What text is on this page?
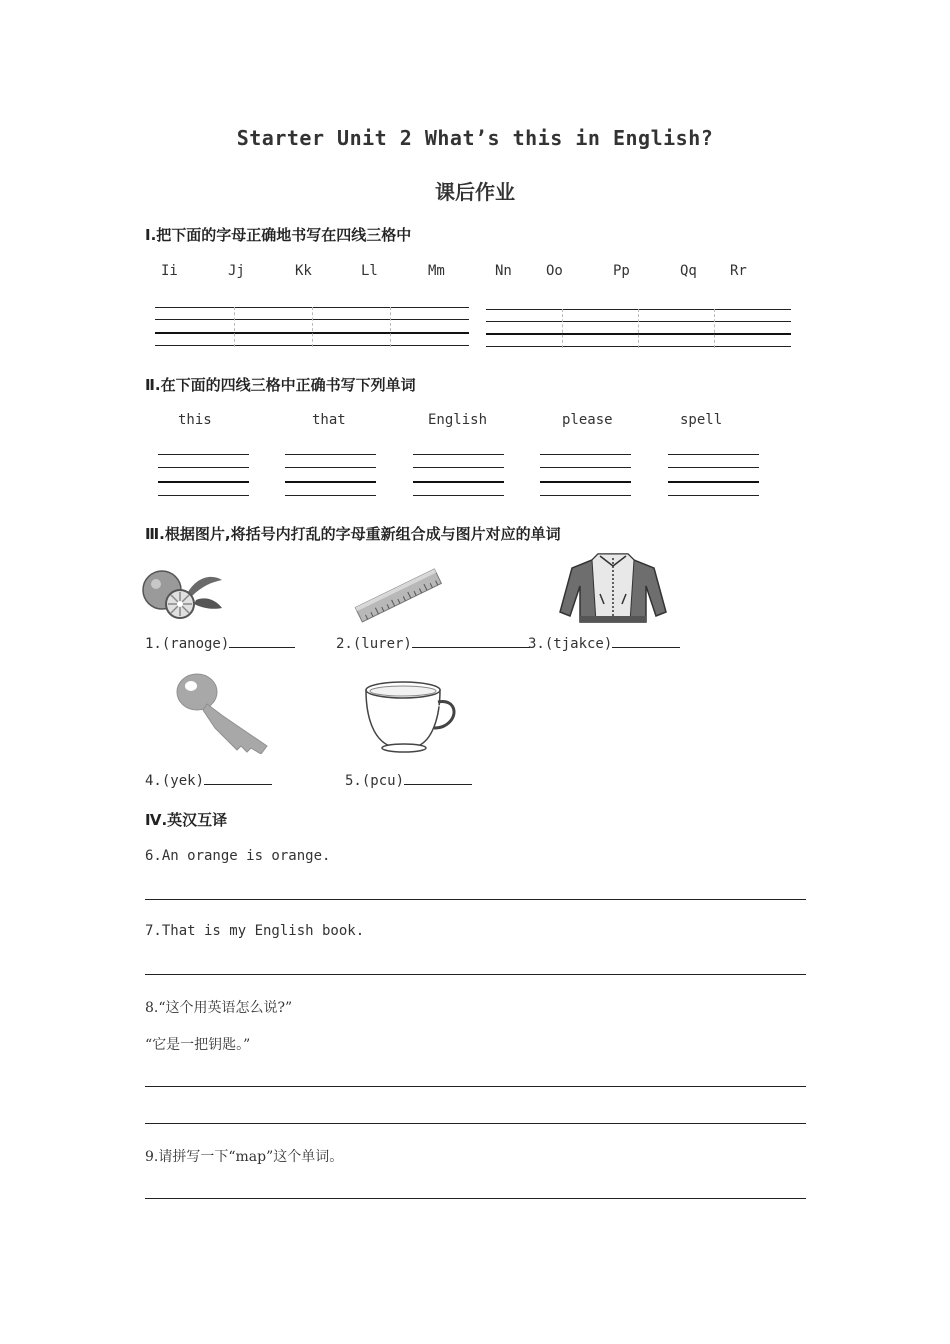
Starter Unit 2 What’s this in English?
课后作业
Ⅰ.把下面的字母正确地书写在四线三格中
Ii	Jj	Kk	Ll	Mm	Nn Oo	Pp	Qq Rr
Ⅱ.在下面的四线三格中正确书写下列单词
this	that	English	please	spell
Ⅲ.根据图片,将括号内打乱的字母重新组合成与图片对应的单词
1.(ranoge)	2.(lurer)	3.(tjakce)
4.(yek)	5.(pcu)
Ⅳ.英汉互译
6.An orange is orange.
7.That is my English book.
8.“这个用英语怎么说?”
“它是一把钥匙。”
9.请拼写一下“map”这个单词。
